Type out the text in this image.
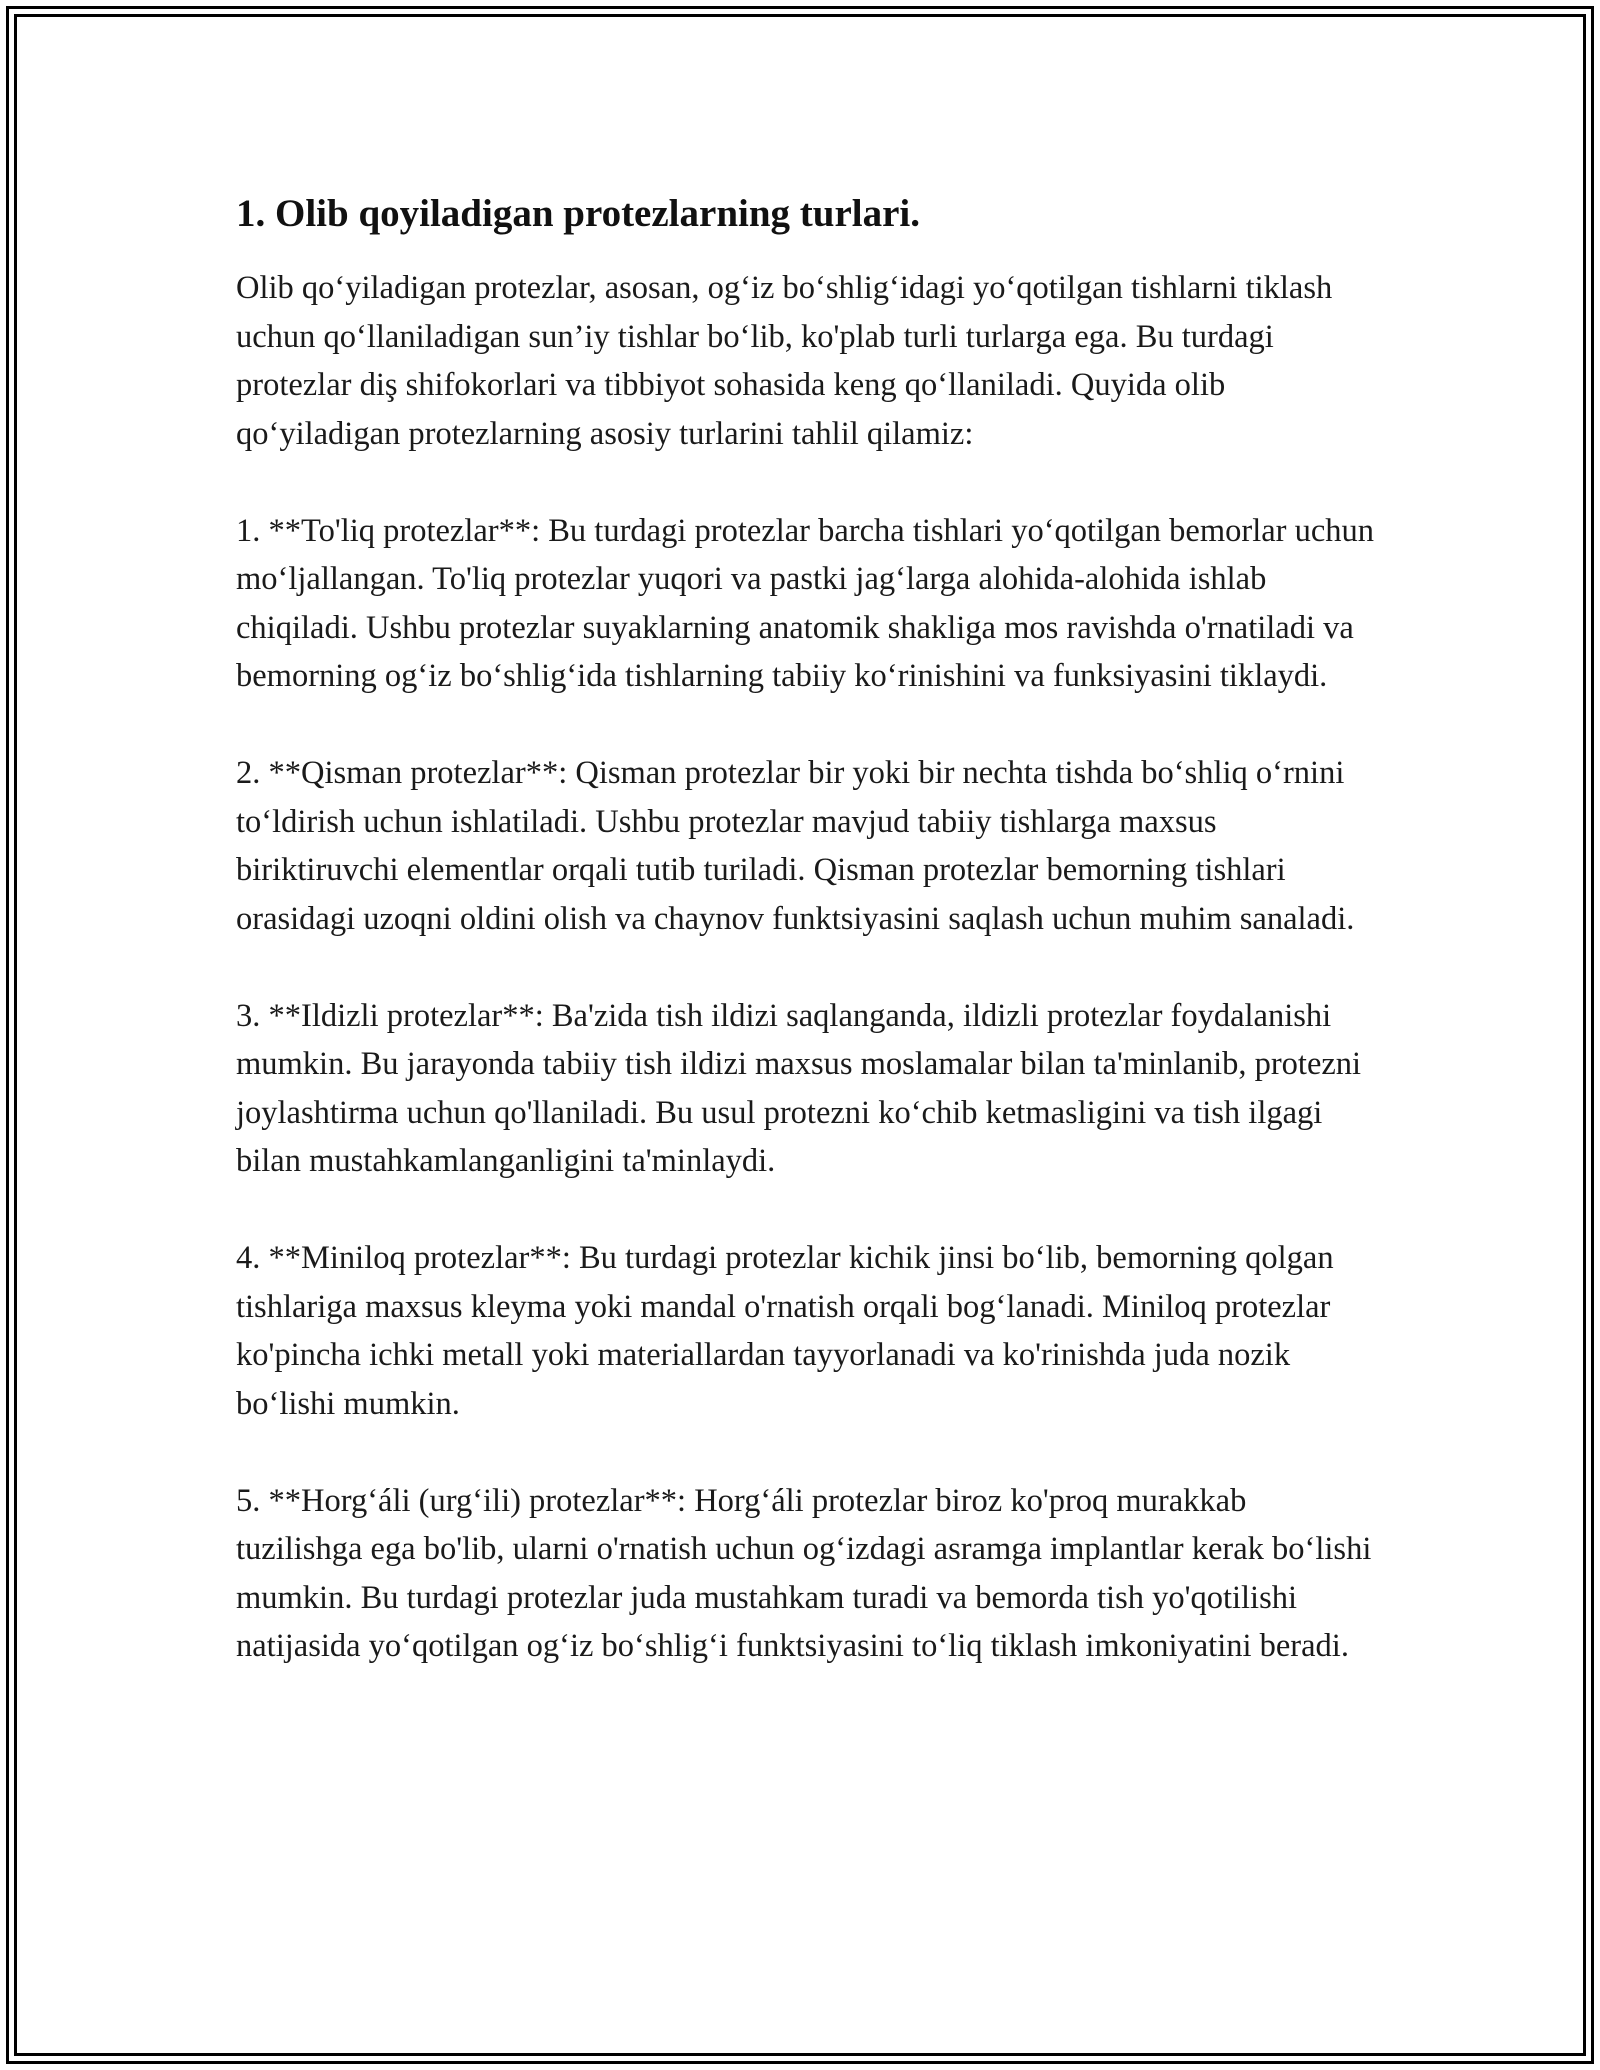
1. Olib qoyiladigan protezlarning turlari.

Olib qo‘yiladigan protezlar, asosan, og‘iz bo‘shlig‘idagi yo‘qotilgan tishlarni tiklash uchun qo‘llaniladigan sun’iy tishlar bo‘lib, ko'plab turli turlarga ega. Bu turdagi protezlar diş shifokorlari va tibbiyot sohasida keng qo‘llaniladi. Quyida olib qo‘yiladigan protezlarning asosiy turlarini tahlil qilamiz:

1. **To'liq protezlar**: Bu turdagi protezlar barcha tishlari yo‘qotilgan bemorlar uchun mo‘ljallangan. To'liq protezlar yuqori va pastki jag‘larga alohida-alohida ishlab chiqiladi. Ushbu protezlar suyaklarning anatomik shakliga mos ravishda o'rnatiladi va bemorning og‘iz bo‘shlig‘ida tishlarning tabiiy ko‘rinishini va funksiyasini tiklaydi.

2. **Qisman protezlar**: Qisman protezlar bir yoki bir nechta tishda bo‘shliq o‘rnini to‘ldirish uchun ishlatiladi. Ushbu protezlar mavjud tabiiy tishlarga maxsus biriktiruvchi elementlar orqali tutib turiladi. Qisman protezlar bemorning tishlari orasidagi uzoqni oldini olish va chaynov funktsiyasini saqlash uchun muhim sanaladi.

3. **Ildizli protezlar**: Ba'zida tish ildizi saqlanganda, ildizli protezlar foydalanishi mumkin. Bu jarayonda tabiiy tish ildizi maxsus moslamalar bilan ta'minlanib, protezni joylashtirma uchun qo'llaniladi. Bu usul protezni ko‘chib ketmasligini va tish ilgagi bilan mustahkamlanganligini ta'minlaydi.

4. **Miniloq protezlar**: Bu turdagi protezlar kichik jinsi bo‘lib, bemorning qolgan tishlariga maxsus kleyma yoki mandal o'rnatish orqali bog‘lanadi. Miniloq protezlar ko'pincha ichki metall yoki materiallardan tayyorlanadi va ko'rinishda juda nozik bo‘lishi mumkin.

5. **Horg‘áli (urg‘ili) protezlar**: Horg‘áli protezlar biroz ko'proq murakkab tuzilishga ega bo'lib, ularni o'rnatish uchun og‘izdagi asramga implantlar kerak bo‘lishi mumkin. Bu turdagi protezlar juda mustahkam turadi va bemorda tish yo'qotilishi natijasida yo‘qotilgan og‘iz bo‘shlig‘i funktsiyasini to‘liq tiklash imkoniyatini beradi.
